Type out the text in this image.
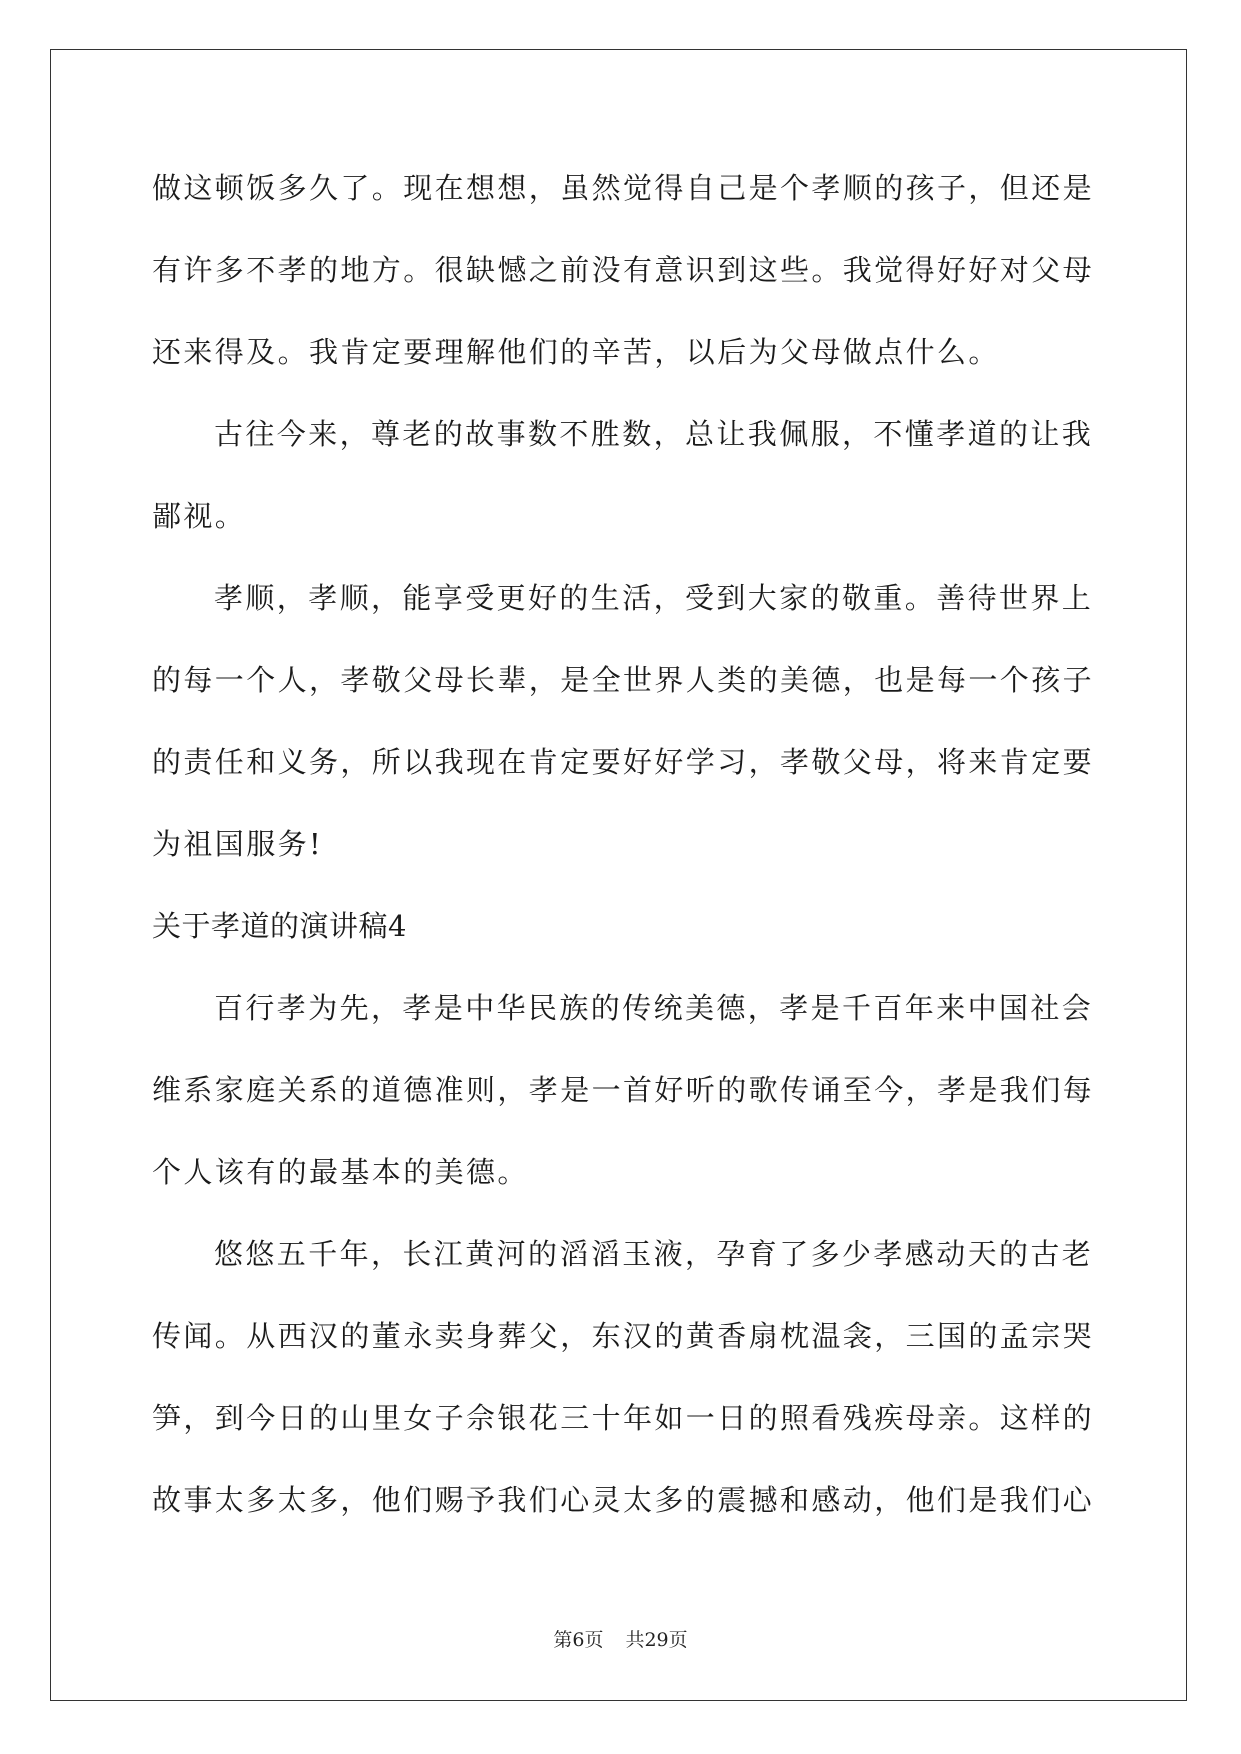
做这顿饭多久了。现在想想，虽然觉得自己是个孝顺的孩子，但还是
有许多不孝的地方。很缺憾之前没有意识到这些。我觉得好好对父母
还来得及。我肯定要理解他们的辛苦，以后为父母做点什么。
古往今来，尊老的故事数不胜数，总让我佩服，不懂孝道的让我
鄙视。
孝顺，孝顺，能享受更好的生活，受到大家的敬重。善待世界上
的每一个人，孝敬父母长辈，是全世界人类的美德，也是每一个孩子
的责任和义务，所以我现在肯定要好好学习，孝敬父母，将来肯定要
为祖国服务!
关于孝道的演讲稿4
百行孝为先，孝是中华民族的传统美德，孝是千百年来中国社会
维系家庭关系的道德准则，孝是一首好听的歌传诵至今，孝是我们每
个人该有的最基本的美德。
悠悠五千年，长江黄河的滔滔玉液，孕育了多少孝感动天的古老
传闻。从西汉的董永卖身葬父，东汉的黄香扇枕温衾，三国的孟宗哭
笋，到今日的山里女子佘银花三十年如一日的照看残疾母亲。这样的
故事太多太多，他们赐予我们心灵太多的震撼和感动，他们是我们心
第6页 共29页
